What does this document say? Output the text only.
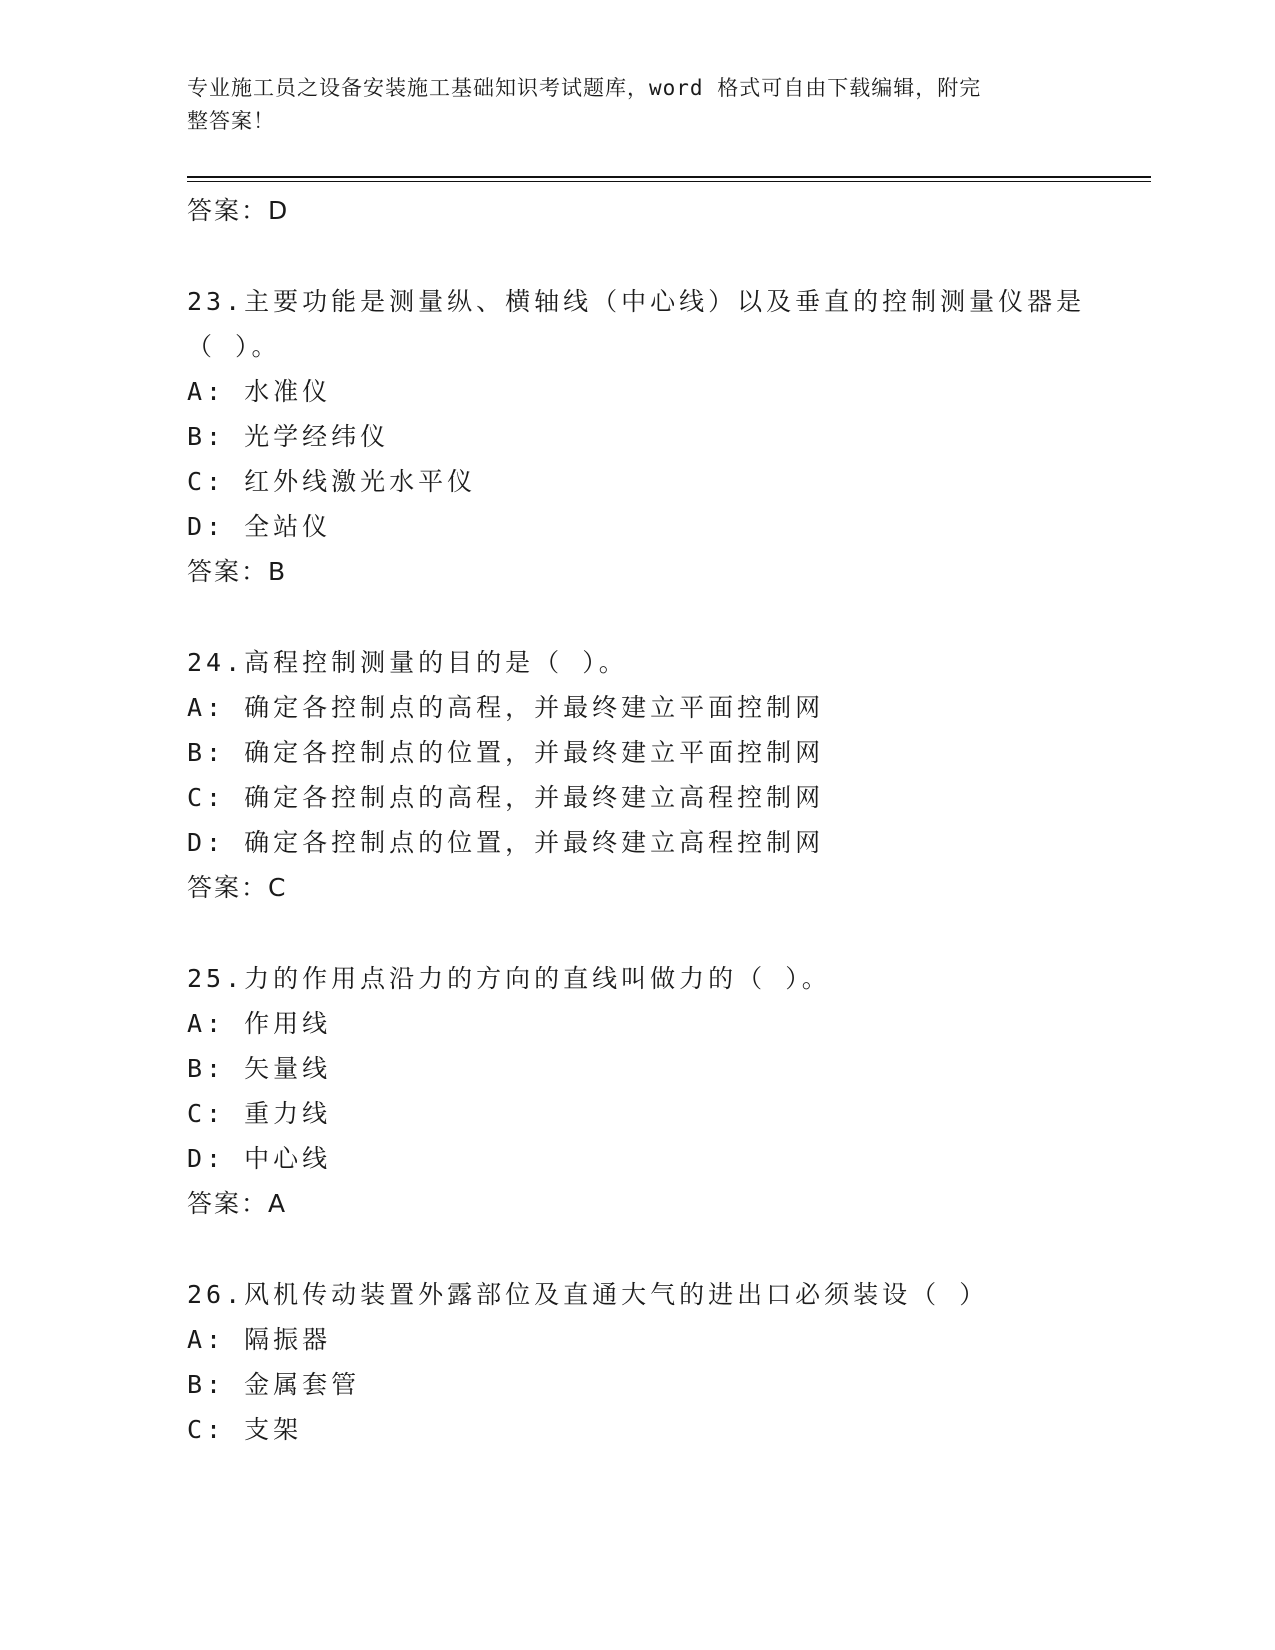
专业施工员之设备安装施工基础知识考试题库，word 格式可自由下载编辑，附完
整答案！
答案：D
23.主要功能是测量纵、横轴线（中心线）以及垂直的控制测量仪器是
（ ）。
A: 水准仪
B: 光学经纬仪
C: 红外线激光水平仪
D: 全站仪
答案：B
24.高程控制测量的目的是（ ）。
A: 确定各控制点的高程，并最终建立平面控制网
B: 确定各控制点的位置，并最终建立平面控制网
C: 确定各控制点的高程，并最终建立高程控制网
D: 确定各控制点的位置，并最终建立高程控制网
答案：C
25.力的作用点沿力的方向的直线叫做力的（ ）。
A: 作用线
B: 矢量线
C: 重力线
D: 中心线
答案：A
26.风机传动装置外露部位及直通大气的进出口必须装设（ ）
A: 隔振器
B: 金属套管
C: 支架
